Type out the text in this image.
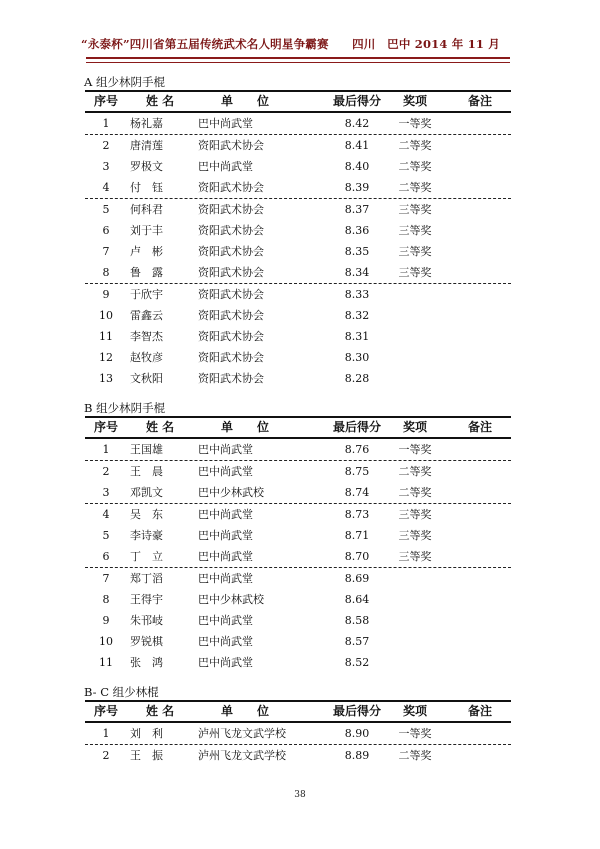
“永泰杯”四川省第五届传统武术名人明星争霸赛　　四川　巴中 2014 年 11 月
A 组少林阴手棍
序号	姓 名	单　　位	最后得分	奖项	备注
1	杨礼嘉	巴中尚武堂	8.42	一等奖
2	唐清莲	资阳武术协会	8.41	二等奖
3	罗极文	巴中尚武堂	8.40	二等奖
4	付　钰	资阳武术协会	8.39	二等奖
5	何科君	资阳武术协会	8.37	三等奖
6	刘于丰	资阳武术协会	8.36	三等奖
7	卢　彬	资阳武术协会	8.35	三等奖
8	鲁　露	资阳武术协会	8.34	三等奖
9	于欣宇	资阳武术协会	8.33
10	雷鑫云	资阳武术协会	8.32
11	李智杰	资阳武术协会	8.31
12	赵牧彦	资阳武术协会	8.30
13	文秋阳	资阳武术协会	8.28
B 组少林阴手棍
序号	姓 名	单　　位	最后得分	奖项	备注
1	王国雄	巴中尚武堂	8.76	一等奖
2	王　晨	巴中尚武堂	8.75	二等奖
3	邓凯文	巴中少林武校	8.74	二等奖
4	吴　东	巴中尚武堂	8.73	三等奖
5	李诗豪	巴中尚武堂	8.71	三等奖
6	丁　立	巴中尚武堂	8.70	三等奖
7	郑丁滔	巴中尚武堂	8.69
8	王得宇	巴中少林武校	8.64
9	朱邗岐	巴中尚武堂	8.58
10	罗锐棋	巴中尚武堂	8.57
11	张　鸿	巴中尚武堂	8.52
B- C 组少林棍
序号	姓 名	单　　位	最后得分	奖项	备注
1	刘　利	泸州飞龙文武学校	8.90	一等奖
2	王　振	泸州飞龙文武学校	8.89	二等奖
38
